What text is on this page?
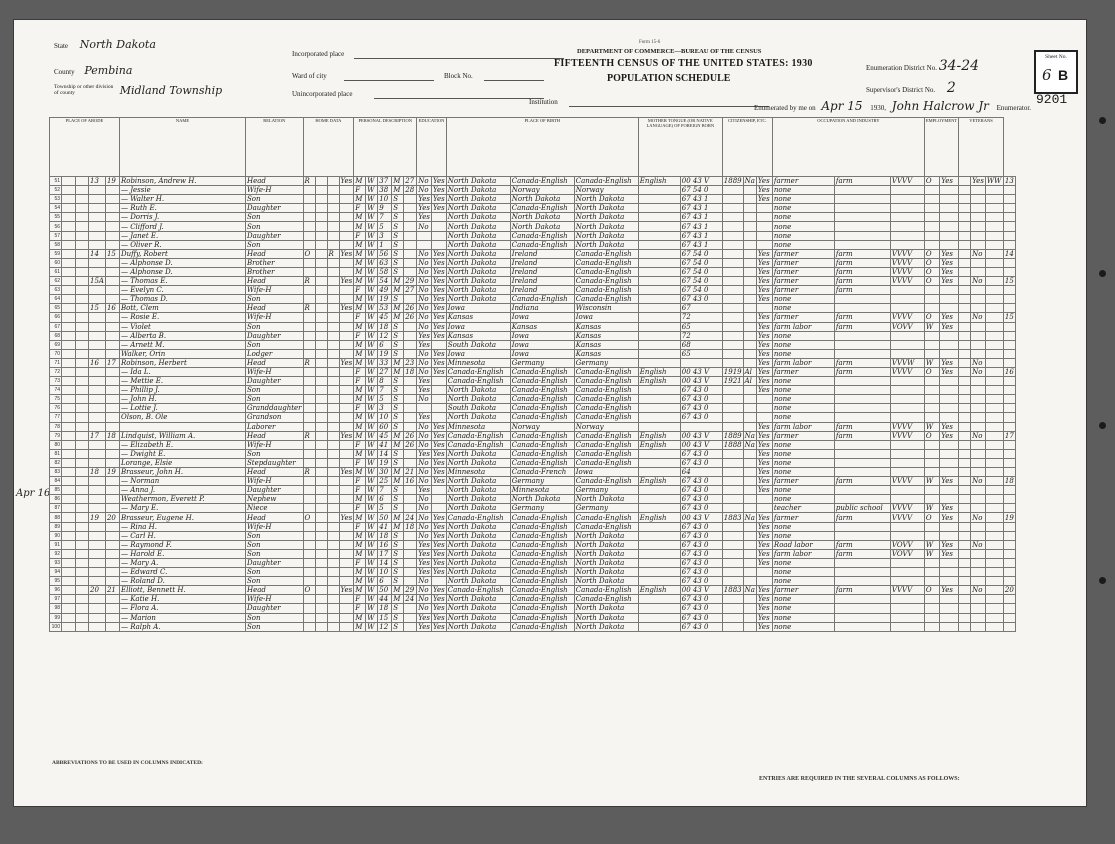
State North Dakota
County Pembina
Township or other division of county	Midland Township
Incorporated place
Ward of city	Block No.
Unincorporated place
Institution
Form 15-6
DEPARTMENT OF COMMERCE—BUREAU OF THE CENSUS
FIFTEENTH CENSUS OF THE UNITED STATES: 1930
POPULATION SCHEDULE
Enumeration District No. 34-24
Supervisor's District No. 2
Sheet No.
6 B
Enumerated by me on Apr 15 1930, John Halcrow Jr Enumerator.
9201
Apr 16
PLACE OF ABODE					NAME	RELATION	HOME DATA				PERSONAL DESCRIPTION					EDUCATION		PLACE OF BIRTH			MOTHER TONGUE (OR NATIVE LANGUAGE) OF FOREIGN BORN		CITIZENSHIP, ETC.			OCCUPATION AND INDUSTRY			EMPLOYMENT		VETERANS			
51			13	19	Robinson, Andrew H.	Head	R			Yes	M	W	37	M	27	No	Yes	North Dakota	Canada-English	Canada-English	English	00 43 V	1889	Na	Yes	farmer	farm	VVVV	O	Yes		Yes	WW	13
52					— Jessie	Wife-H					F	W	38	M	28	No	Yes	North Dakota	Norway	Norway		67 54 0			Yes	none								
53					— Walter H.	Son					M	W	10	S		Yes	Yes	North Dakota	North Dakota	North Dakota		67 43 1			Yes	none								
54					— Ruth E.	Daughter					F	W	9	S		Yes	Yes	North Dakota	Canada-English	North Dakota		67 43 1				none								
55					— Dorris J.	Son					M	W	7	S		Yes		North Dakota	North Dakota	North Dakota		67 43 1				none								
56					— Clifford J.	Son					M	W	5	S		No		North Dakota	North Dakota	North Dakota		67 43 1				none								
57					— Janet E.	Daughter					F	W	3	S				North Dakota	Canada-English	North Dakota		67 43 1				none								
58					— Oliver R.	Son					M	W	1	S				North Dakota	Canada-English	North Dakota		67 43 1				none								
59			14	15	Duffy, Robert	Head	O		R	Yes	M	W	56	S		No	Yes	North Dakota	Ireland	Canada-English		67 54 0			Yes	farmer	farm	VVVV	O	Yes		No		14
60					— Alphonse D.	Brother					M	W	63	S		No	Yes	North Dakota	Ireland	Canada-English		67 54 0			Yes	farmer	farm	VVVV	O	Yes				
61					— Alphonse D.	Brother					M	W	58	S		No	Yes	North Dakota	Ireland	Canada-English		67 54 0			Yes	farmer	farm	VVVV	O	Yes				
62			15A		— Thomas E.	Head	R			Yes	M	W	54	M	29	No	Yes	North Dakota	Ireland	Canada-English		67 54 0			Yes	farmer	farm	VVVV	O	Yes		No		15
63					— Evelyn C.	Wife-H					F	W	49	M	27	No	Yes	North Dakota	Ireland	Canada-English		67 54 0			Yes	farmer	farm							
64					— Thomas D.	Son					M	W	19	S		No	Yes	North Dakota	Canada-English	Canada-English		67 43 0			Yes	none								
65			15	16	Bott, Clem	Head	R			Yes	M	W	53	M	26	No	Yes	Iowa	Indiana	Wisconsin		67				none								
66					— Rosie E.	Wife-H					F	W	45	M	26	No	Yes	Kansas	Iowa	Iowa		72			Yes	farmer	farm	VVVV	O	Yes		No		15
67					— Violet	Son					M	W	18	S		No	Yes	Iowa	Kansas	Kansas		65			Yes	farm labor	farm	VOVV	W	Yes				
68					— Alberta B.	Daughter					F	W	12	S		Yes	Yes	Kansas	Iowa	Kansas		72			Yes	none								
69					— Arnett M.	Son					M	W	6	S		Yes		South Dakota	Iowa	Kansas		68			Yes	none								
70					Walker, Orin	Lodger					M	W	19	S		No	Yes	Iowa	Iowa	Kansas		65			Yes	none								
71			16	17	Robinson, Herbert	Head	R			Yes	M	W	33	M	23	No	Yes	Minnesota	Germany	Germany					Yes	farm labor	farm	VVVW	W	Yes		No		
72					— Ida L.	Wife-H					F	W	27	M	18	No	Yes	Canada-English	Canada-English	Canada-English	English	00 43 V	1919	Al	Yes	farmer	farm	VVVV	O	Yes		No		16
73					— Mettie E.	Daughter					F	W	8	S		Yes		Canada-English	Canada-English	Canada-English	English	00 43 V	1921	Al	Yes	none								
74					— Phillip J.	Son					M	W	7	S		Yes		North Dakota	Canada-English	Canada-English		67 43 0			Yes	none								
75					— John H.	Son					M	W	5	S		No		North Dakota	Canada-English	Canada-English		67 43 0				none								
76					— Lottie J.	Granddaughter					F	W	3	S				South Dakota	Canada-English	Canada-English		67 43 0				none								
77					Olson, B. Ole	Grandson					M	W	10	S		Yes		North Dakota	Canada-English	Canada-English		67 43 0				none								
78						Laborer					M	W	60	S		No	Yes	Minnesota	Norway	Norway					Yes	farm labor	farm	VVVV	W	Yes				
79			17	18	Lindquist, William A.	Head	R			Yes	M	W	45	M	26	No	Yes	Canada-English	Canada-English	Canada-English	English	00 43 V	1889	Na	Yes	farmer	farm	VVVV	O	Yes		No		17
80					— Elizabeth E.	Wife-H					F	W	41	M	26	No	Yes	Canada-English	Canada-English	Canada-English	English	00 43 V	1888	Na	Yes	none								
81					— Dwight E.	Son					M	W	14	S		Yes	Yes	North Dakota	Canada-English	Canada-English		67 43 0			Yes	none								
82					Lorange, Elsie	Stepdaughter					F	W	19	S		No	Yes	North Dakota	Canada-English	Canada-English		67 43 0			Yes	none								
83			18	19	Brasseur, John H.	Head	R			Yes	M	W	30	M	21	No	Yes	Minnesota	Canada-French	Iowa		64			Yes	none								
84					— Norman	Wife-H					F	W	25	M	16	No	Yes	North Dakota	Germany	Canada-English	English	67 43 0			Yes	farmer	farm	VVVV	W	Yes		No		18
85					— Anna J.	Daughter					F	W	7	S		Yes		North Dakota	Minnesota	Germany		67 43 0			Yes	none								
86					Weathermon, Everett P.	Nephew					M	W	6	S		No		North Dakota	North Dakota	North Dakota		67 43 0				none								
87					— Mary E.	Niece					F	W	5	S		No		North Dakota	Germany	Germany		67 43 0				teacher	public school	VVVV	W	Yes				
88			19	20	Brasseur, Eugene H.	Head	O			Yes	M	W	50	M	24	No	Yes	Canada-English	Canada-English	Canada-English	English	00 43 V	1883	Na	Yes	farmer	farm	VVVV	O	Yes		No		19
89					— Rina H.	Wife-H					F	W	41	M	18	No	Yes	North Dakota	Canada-English	Canada-English		67 43 0			Yes	none								
90					— Carl H.	Son					M	W	18	S		No	Yes	North Dakota	Canada-English	North Dakota		67 43 0			Yes	none								
91					— Raymond F.	Son					M	W	16	S		Yes	Yes	North Dakota	Canada-English	North Dakota		67 43 0			Yes	Road labor	farm	VOVV	W	Yes		No		
92					— Harold E.	Son					M	W	17	S		Yes	Yes	North Dakota	Canada-English	North Dakota		67 43 0			Yes	farm labor	farm	VOVV	W	Yes				
93					— Mary A.	Daughter					F	W	14	S		Yes	Yes	North Dakota	Canada-English	North Dakota		67 43 0			Yes	none								
94					— Edward C.	Son					M	W	10	S		Yes	Yes	North Dakota	Canada-English	North Dakota		67 43 0				none								
95					— Roland D.	Son					M	W	6	S		No		North Dakota	Canada-English	North Dakota		67 43 0				none								
96			20	21	Elliott, Bennett H.	Head	O			Yes	M	W	50	M	29	No	Yes	Canada-English	Canada-English	Canada-English	English	00 43 V	1883	Na	Yes	farmer	farm	VVVV	O	Yes		No		20
97					— Katie H.	Wife-H					F	W	44	M	24	No	Yes	North Dakota	Canada-English	Canada-English		67 43 0			Yes	none								
98					— Flora A.	Daughter					F	W	18	S		No	Yes	North Dakota	Canada-English	North Dakota		67 43 0			Yes	none								
99					— Marion	Son					M	W	15	S		Yes	Yes	North Dakota	Canada-English	North Dakota		67 43 0			Yes	none								
100					— Ralph A.	Son					M	W	12	S		Yes	Yes	North Dakota	Canada-English	North Dakota		67 43 0			Yes	none								
ABBREVIATIONS TO BE USED IN COLUMNS INDICATED:
ENTRIES ARE REQUIRED IN THE SEVERAL COLUMNS AS FOLLOWS:
